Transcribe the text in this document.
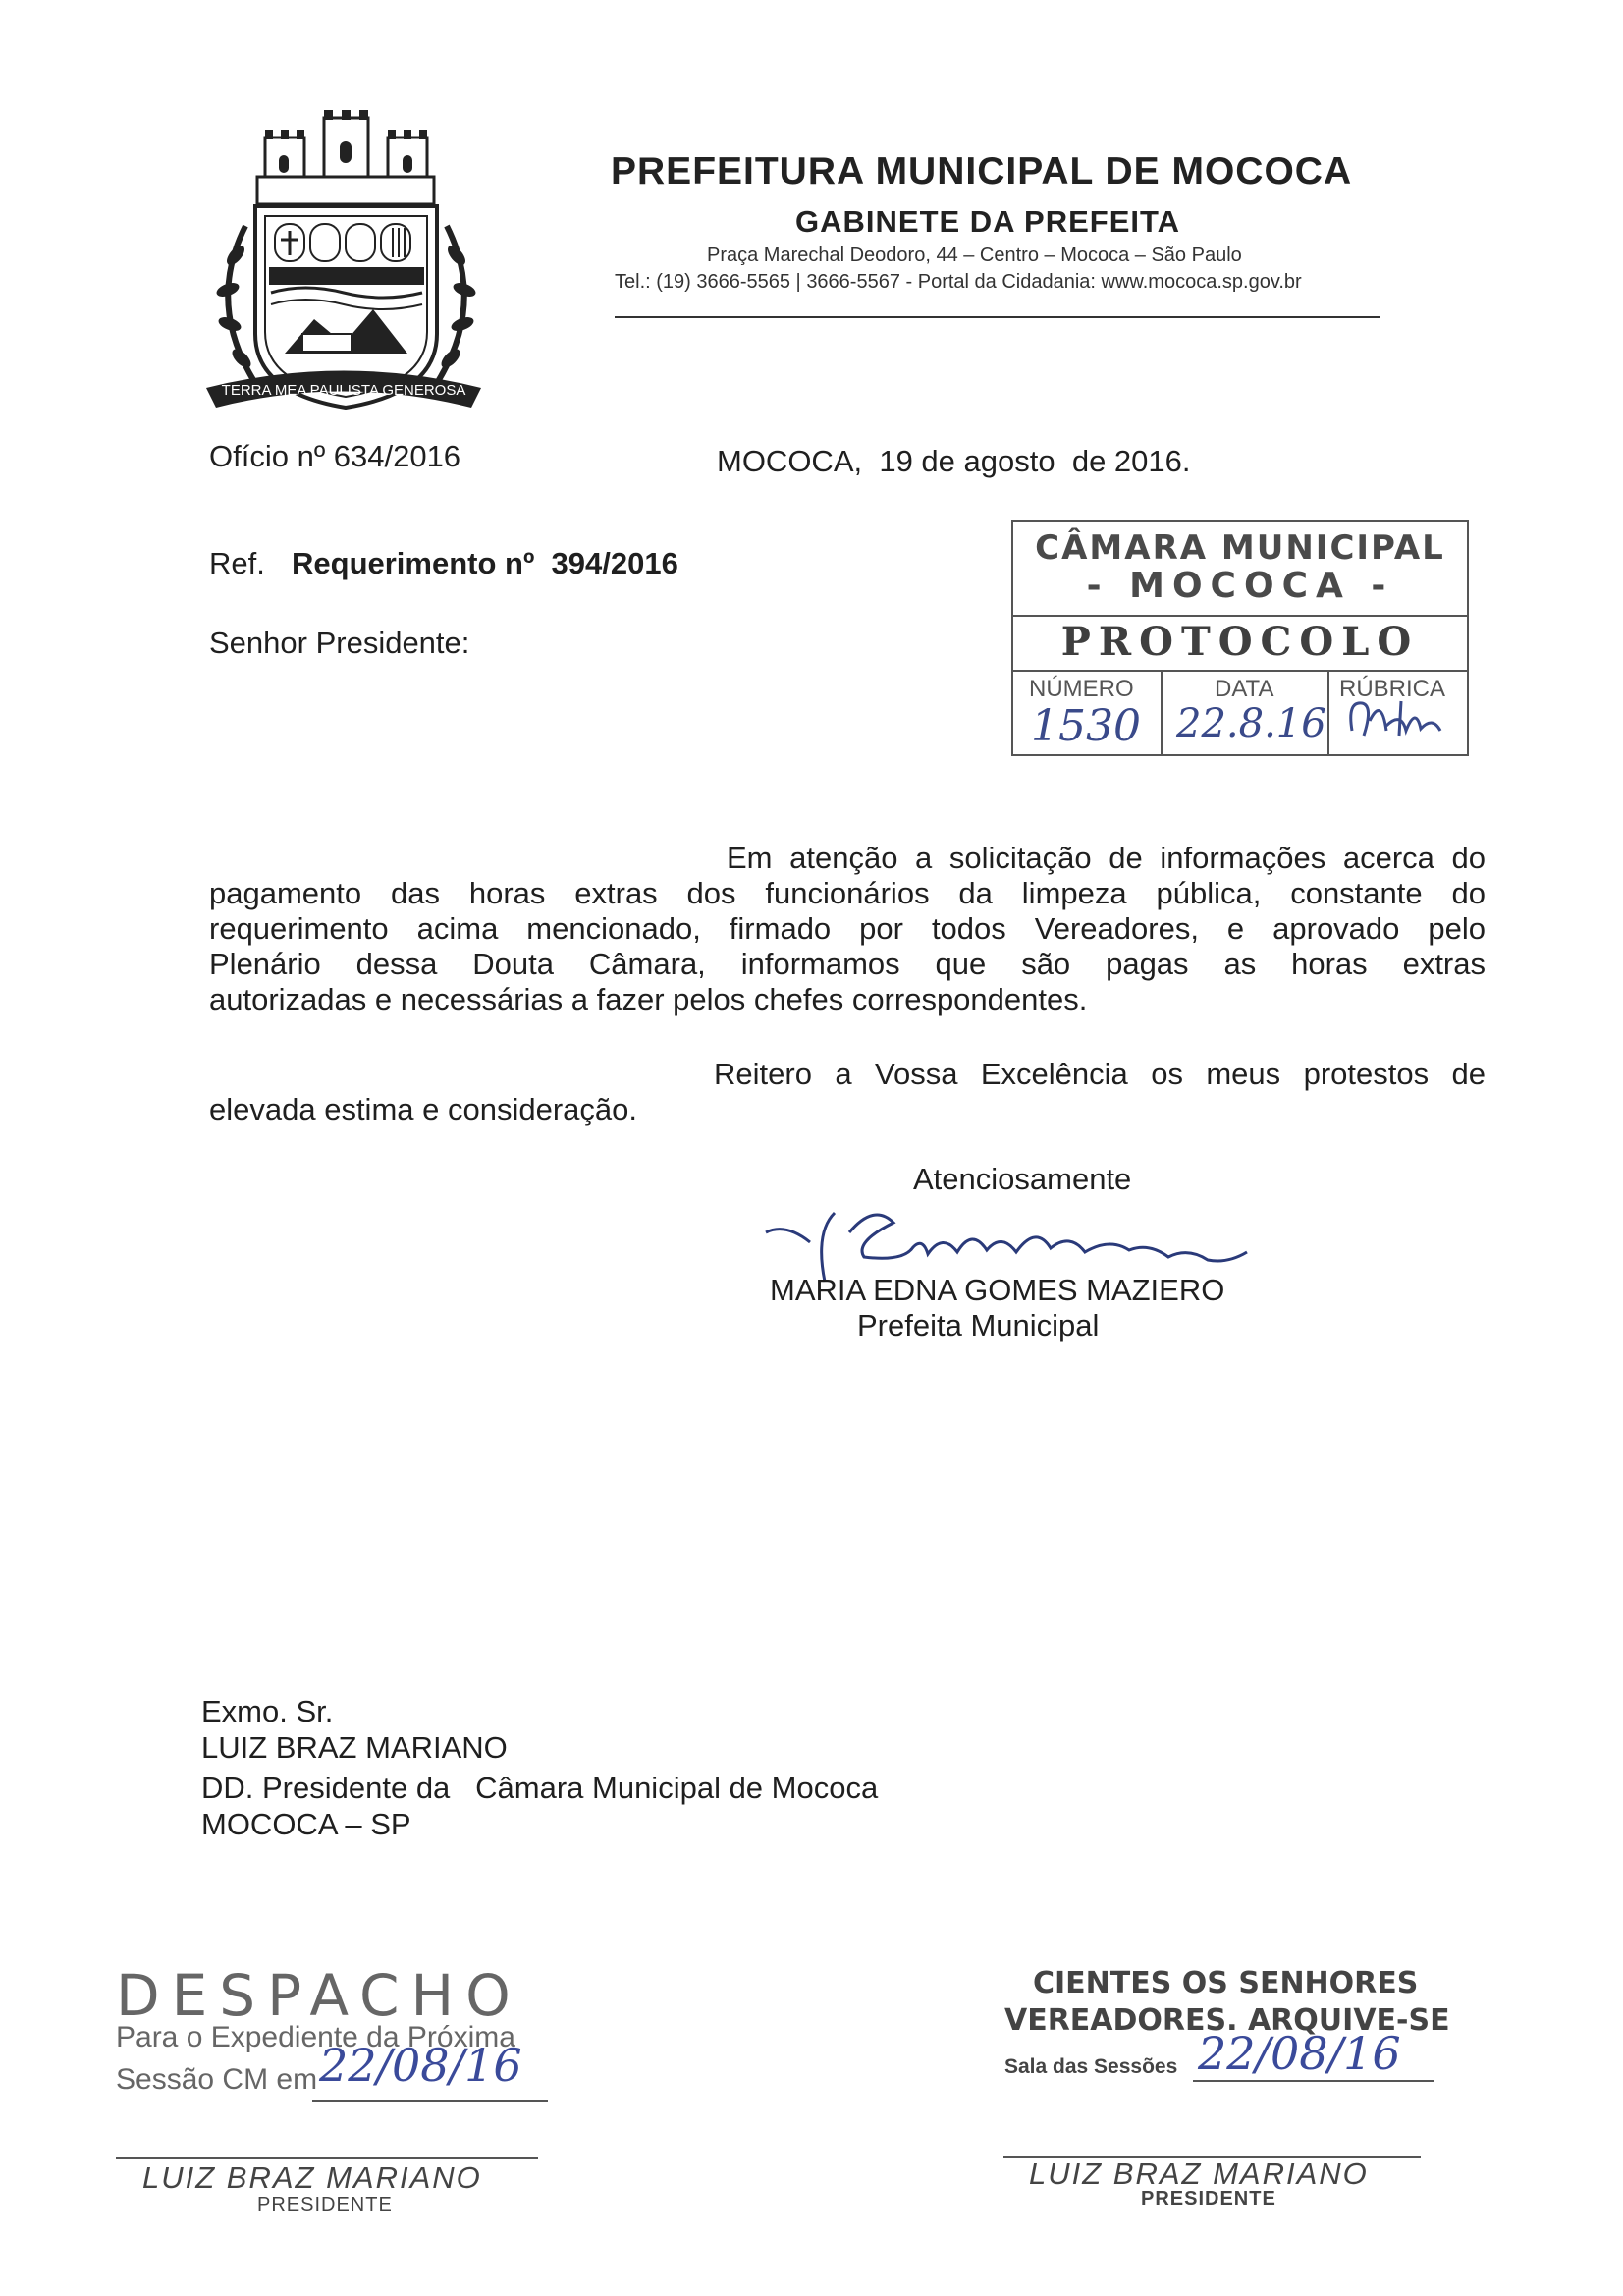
TERRA MEA PAULISTA GENEROSA
PREFEITURA MUNICIPAL DE MOCOCA
GABINETE DA PREFEITA
Praça Marechal Deodoro, 44 – Centro – Mococa – São Paulo
Tel.: (19) 3666-5565 | 3666-5567 - Portal da Cidadania: www.mococa.sp.gov.br
Ofício nº 634/2016	MOCOCA,  19 de agosto  de 2016.
Ref. Requerimento nº  394/2016
Senhor Presidente:
CÂMARA MUNICIPAL
- MOCOCA -
PROTOCOLO
NÚMERO	DATA	RÚBRICA
1530 22.8.16
Em atenção a solicitação de informações acerca do
pagamento das horas extras dos funcionários da limpeza pública, constante do
requerimento acima mencionado, firmado por todos Vereadores, e aprovado pelo
Plenário dessa Douta Câmara, informamos que são pagas as horas extras
autorizadas e necessárias a fazer pelos chefes correspondentes.
Reitero a Vossa Excelência os meus protestos de
elevada estima e consideração.
Atenciosamente
MARIA EDNA GOMES MAZIERO
Prefeita Municipal
Exmo. Sr.
LUIZ BRAZ MARIANO
DD. Presidente da   Câmara Municipal de Mococa
MOCOCA – SP
DESPACHO
Para o Expediente da Próxima
Sessão CM em 22/08/16
LUIZ BRAZ MARIANO
PRESIDENTE
CIENTES OS SENHORES
VEREADORES. ARQUIVE-SE
Sala das Sessões 22/08/16
LUIZ BRAZ MARIANO
PRESIDENTE
